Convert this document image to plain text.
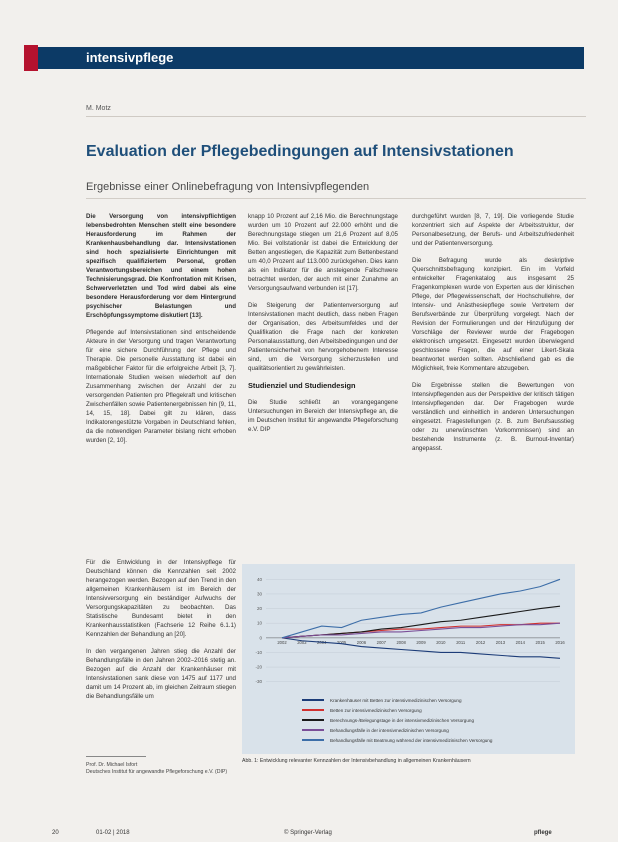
intensivpflege
M. Motz
Evaluation der Pflegebedingungen auf Intensivstationen
Ergebnisse einer Onlinebefragung von Intensivpflegenden

Die Versorgung von intensivpflichtigen lebensbedrohten Menschen stellt eine besondere Herausforderung im Rahmen der Krankenhausbehandlung dar. Intensivstationen sind hoch spezialisierte Einrichtungen mit spezifisch qualifiziertem Personal, großen Verantwortungsbereichen und einem hohen Technisierungsgrad. Die Konfrontation mit Krisen, Schwerverletzten und Tod wird dabei als eine besondere Herausforderung vor dem Hintergrund psychischer Belastungen und Erschöpfungssymptome diskutiert [13].

Pflegende auf Intensivstationen sind entscheidende Akteure in der Versorgung und tragen Verantwortung für eine sichere Durchführung der Pflege und Therapie. Die personelle Ausstattung ist dabei ein maßgeblicher Faktor für die erfolgreiche Arbeit [3, 7]. Internationale Studien weisen wiederholt auf den Zusammenhang zwischen der Anzahl der zu versorgenden Patienten pro Pflegekraft und kritischen Zwischenfällen sowie Patientenergebnissen hin [9, 11, 14, 15, 18]. Dabei gilt zu klären, dass Indikatorengestützte Vorgaben in Deutschland fehlen, da die notwendigen Parameter bislang nicht erhoben wurden [2, 10].

Für die Entwicklung in der Intensivpflege für Deutschland können die Kennzahlen seit 2002 herangezogen werden. Bezogen auf den Trend in den allgemeinen Krankenhäusern ist im Bereich der Intensivversorgung ein beständiger Aufwuchs der Versorgungskapazitäten zu beobachten. Das Statistische Bundesamt bietet in den Krankenhausstatistiken (Fachserie 12 Reihe 6.1.1) Kennzahlen der Behandlung an [20].

In den vergangenen Jahren stieg die Anzahl der Behandlungsfälle in den Jahren 2002–2016 stetig an. Bezogen auf die Anzahl der Krankenhäuser mit Intensivstationen sank diese von 1475 auf 1177 und damit um 14 Prozent ab, im gleichen Zeitraum stiegen die Behandlungsfälle um

knapp 10 Prozent auf 2,16 Mio. die Berechnungstage wurden um 10 Prozent auf 22.000 erhöht und die Berechnungstage stiegen um 21,6 Prozent auf 8,05 Mio. Bei vollstationär ist dabei die Entwicklung der Betten angestiegen, die Kapazität zum Bettenbestand um 40,0 Prozent auf 113.000 zurückgehen. Dies kann als ein Indikator für die ansteigende Fallschwere betrachtet werden, der auch mit einer Zunahme an Versorgungsaufwand verbunden ist [17].

Die Steigerung der Patientenversorgung auf Intensivstationen macht deutlich, dass neben Fragen der Organisation, des Arbeitsumfeldes und der Qualifikation die Frage nach der konkreten Personalausstattung, den Arbeitsbedingungen und der Patientensicherheit von hervorgehobenem Interesse sind, um die Versorgung sicherzustellen und qualitätsorientiert zu gewährleisten.

Studienziel und Studiendesign

Die Studie schließt an vorangegangene Untersuchungen im Bereich der Intensivpflege an, die im Deutschen Institut für angewandte Pflegeforschung e.V. DIP

durchgeführt wurden [8, 7, 19]. Die vorliegende Studie konzentriert sich auf Aspekte der Arbeitsstruktur, der Personalbesetzung, der Berufs- und Arbeitszufriedenheit und der Patientenversorgung.

Die Befragung wurde als deskriptive Querschnittsbefragung konzipiert. Ein im Vorfeld entwickelter Fragenkatalog aus insgesamt 25 Fragenkomplexen wurde von Experten aus der klinischen Pflege, der Pflegewissenschaft, der Hochschullehre, der Intensiv- und Anästhesiepflege sowie Vertretern der Berufsverbände zur Überprüfung vorgelegt. Nach der Revision der Formulierungen und der Hinzufügung der Vorschläge der Reviewer wurde der Fragebogen elektronisch umgesetzt. Eingesetzt wurden überwiegend geschlossene Fragen, die auf einer Likert-Skala beantwortet werden sollten. Abschließend gab es die Möglichkeit, freie Kommentare abzugeben.

Die Ergebnisse stellen die Bewertungen von Intensivpflegenden aus der Perspektive der kritisch tätigen Intensivpflegenden dar. Der Fragebogen wurde verständlich und einheitlich in anderen Untersuchungen eingesetzt. Fragestellungen (z. B. zum Berufsausstieg oder zu unerwünschten Vorkommnissen) sind an bestehende Instrumente (z. B. Burnout-Inventar) angepasst.

-30
-20
-10
0
10
20
30
40
2002	2003	2004	2005	2006	2007	2008	2009	2010	2011	2012	2013	2014	2015	2016
Krankenhäuser mit Betten zur intensivmedizinischen Versorgung
Betten zur intensivmedizinischen Versorgung
Berechnungs-/Belegungstage in der intensivmedizinischen Versorgung
Behandlungsfälle in der intensivmedizinischen Versorgung
Behandlungsfälle mit Beatmung während der intensivmedizinischen Versorgung
Abb. 1: Entwicklung relevanter Kennzahlen der Intensivbehandlung in allgemeinen Krankenhäusern
Prof. Dr. Michael Isfort
Deutsches Institut für angewandte Pflegeforschung e.V. (DIP)
20	01-02 | 2018	© Springer-Verlag	pflege
